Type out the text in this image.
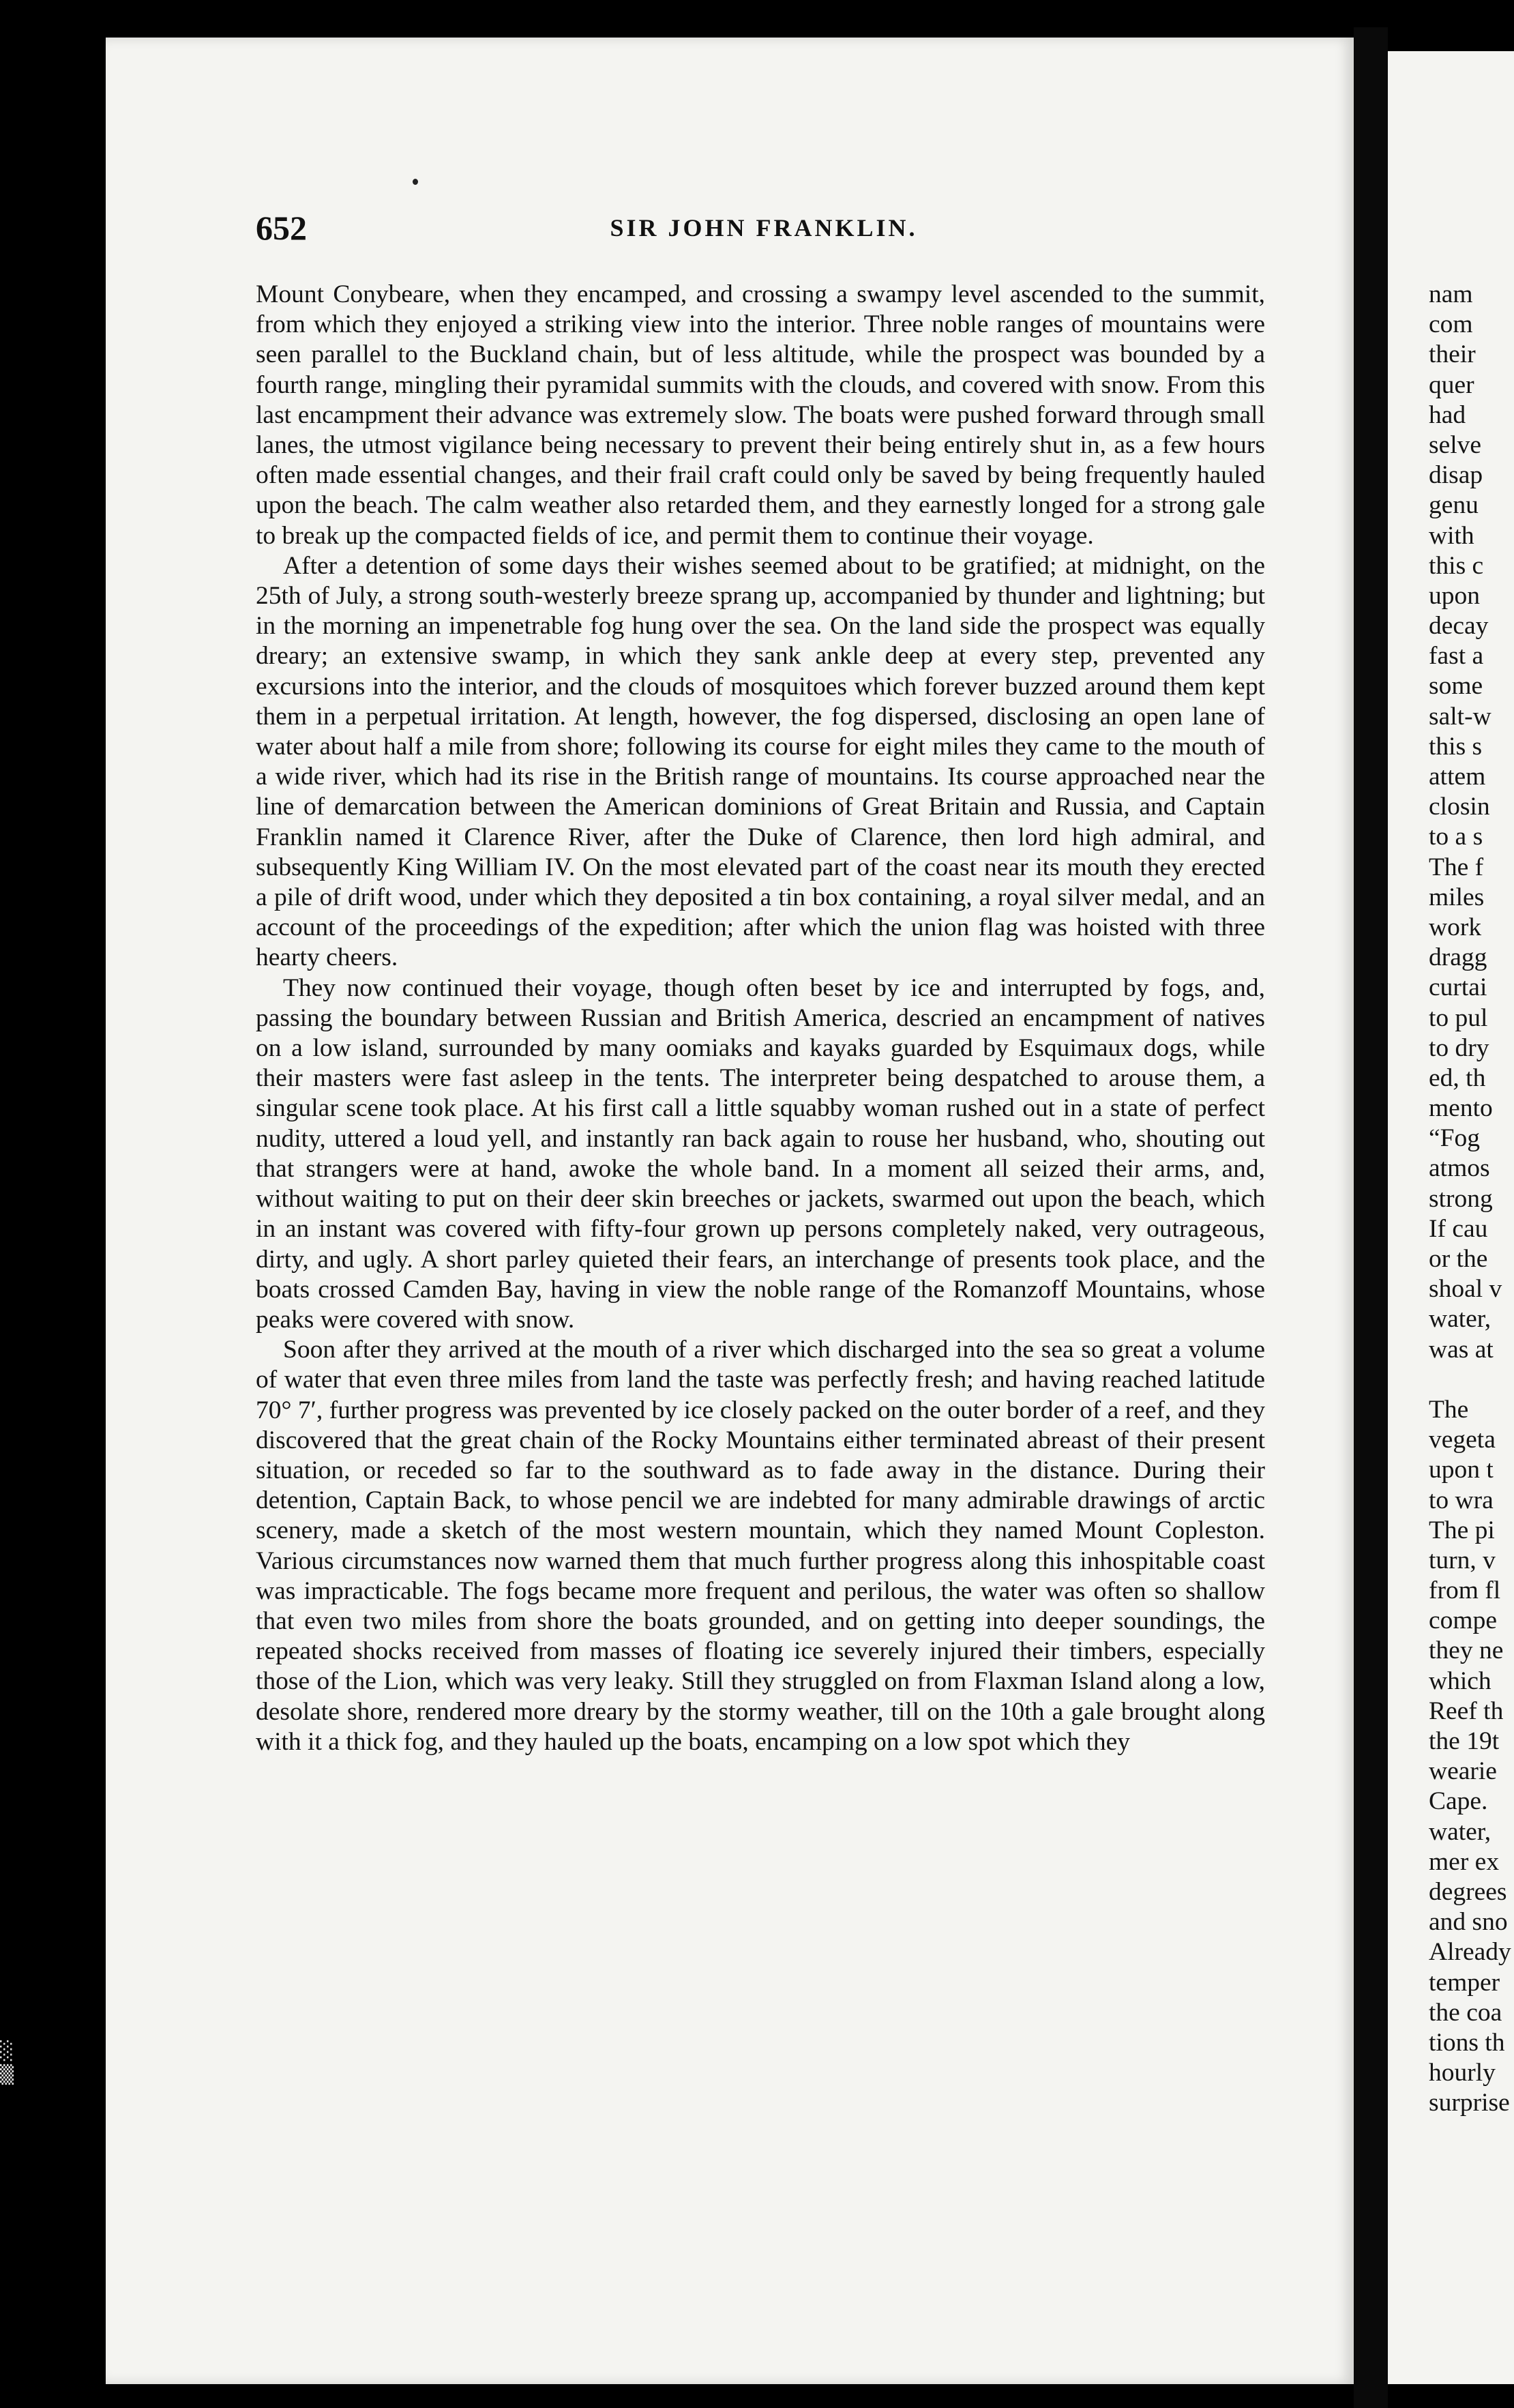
652	SIR JOHN FRANKLIN.

Mount Conybeare, when they encamped, and crossing a swampy level ascended to the summit, from which they enjoyed a striking view into the interior. Three noble ranges of mountains were seen parallel to the Buckland chain, but of less altitude, while the prospect was bounded by a fourth range, mingling their pyramidal summits with the clouds, and covered with snow. From this last encampment their advance was extremely slow. The boats were pushed forward through small lanes, the utmost vigilance being necessary to prevent their being entirely shut in, as a few hours often made essential changes, and their frail craft could only be saved by being frequently hauled upon the beach. The calm weather also retarded them, and they earnestly longed for a strong gale to break up the compacted fields of ice, and permit them to continue their voyage.

After a detention of some days their wishes seemed about to be gratified; at midnight, on the 25th of July, a strong south-westerly breeze sprang up, accompanied by thunder and lightning; but in the morning an impenetrable fog hung over the sea. On the land side the prospect was equally dreary; an extensive swamp, in which they sank ankle deep at every step, prevented any excursions into the interior, and the clouds of mosquitoes which forever buzzed around them kept them in a perpetual irritation. At length, however, the fog dispersed, disclosing an open lane of water about half a mile from shore; following its course for eight miles they came to the mouth of a wide river, which had its rise in the British range of mountains. Its course approached near the line of demarcation between the American dominions of Great Britain and Russia, and Captain Franklin named it Clarence River, after the Duke of Clarence, then lord high admiral, and subsequently King William IV. On the most elevated part of the coast near its mouth they erected a pile of drift wood, under which they deposited a tin box containing, a royal silver medal, and an account of the proceedings of the expedition; after which the union flag was hoisted with three hearty cheers.

They now continued their voyage, though often beset by ice and interrupted by fogs, and, passing the boundary between Russian and British America, descried an encampment of natives on a low island, surrounded by many oomiaks and kayaks guarded by Esquimaux dogs, while their masters were fast asleep in the tents. The interpreter being despatched to arouse them, a singular scene took place. At his first call a little squabby woman rushed out in a state of perfect nudity, uttered a loud yell, and instantly ran back again to rouse her husband, who, shouting out that strangers were at hand, awoke the whole band. In a moment all seized their arms, and, without waiting to put on their deer skin breeches or jackets, swarmed out upon the beach, which in an instant was covered with fifty-four grown up persons completely naked, very outrageous, dirty, and ugly. A short parley quieted their fears, an interchange of presents took place, and the boats crossed Camden Bay, having in view the noble range of the Romanzoff Mountains, whose peaks were covered with snow.

Soon after they arrived at the mouth of a river which discharged into the sea so great a volume of water that even three miles from land the taste was perfectly fresh; and having reached latitude 70° 7′, further progress was prevented by ice closely packed on the outer border of a reef, and they discovered that the great chain of the Rocky Mountains either terminated abreast of their present situation, or receded so far to the southward as to fade away in the distance. During their detention, Captain Back, to whose pencil we are indebted for many admirable drawings of arctic scenery, made a sketch of the most western mountain, which they named Mount Copleston. Various circumstances now warned them that much further progress along this inhospitable coast was impracticable. The fogs became more frequent and perilous, the water was often so shallow that even two miles from shore the boats grounded, and on getting into deeper soundings, the repeated shocks received from masses of floating ice severely injured their timbers, especially those of the Lion, which was very leaky. Still they struggled on from Flaxman Island along a low, desolate shore, rendered more dreary by the stormy weather, till on the 10th a gale brought along with it a thick fog, and they hauled up the boats, encamping on a low spot which they

nam
com
their
quer
had
selve
disap
genu
with
this c
upon
decay
fast a
some
salt-w
this s
attem
closin
to a s
The f
miles
work
dragg
curtai
to pul
to dry
ed, th
mento
“Fog
atmos
strong
If cau
or the
shoal v
water,
was at
The
vegeta
upon t
to wra
The pi
turn, v
from fl
compe
they ne
which
Reef th
the 19t
wearie
Cape.
water,
mer ex
degrees
and sno
Already
temper
the coa
tions th
hourly
surprise
░
▒
